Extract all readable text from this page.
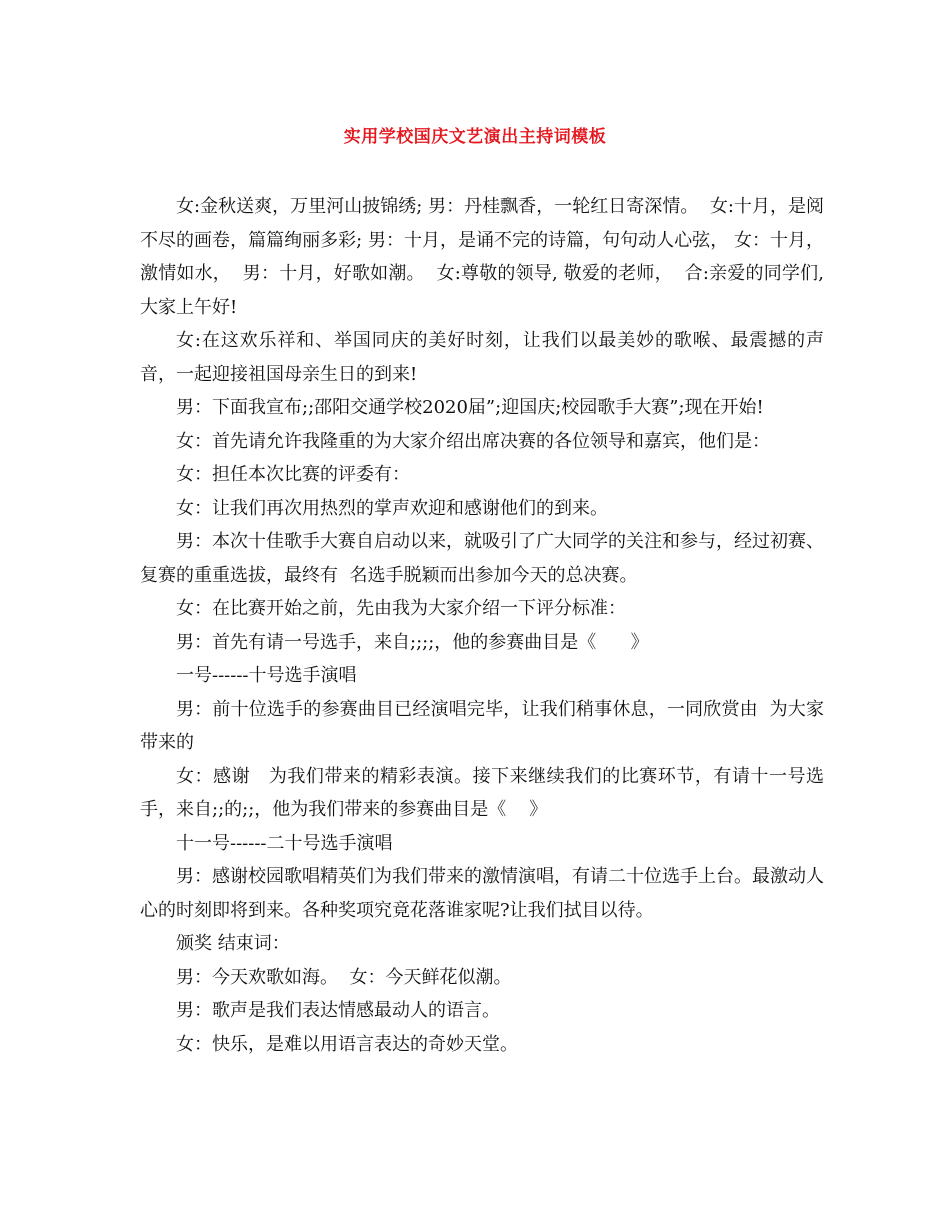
实用学校国庆文艺演出主持词模板

女:金秋送爽，万里河山披锦绣; 男：丹桂飘香，一轮红日寄深情。  女:十月，是阅不尽的画卷，篇篇绚丽多彩; 男：十月，是诵不完的诗篇，句句动人心弦， 女：十月，激情如水，  男：十月，好歌如潮。  女:尊敬的领导, 敬爱的老师，  合:亲爱的同学们,大家上午好!

女:在这欢乐祥和、举国同庆的美好时刻，让我们以最美妙的歌喉、最震撼的声音，一起迎接祖国母亲生日的到来!

男：下面我宣布;;邵阳交通学校2020届”;迎国庆;校园歌手大赛”;现在开始!

女：首先请允许我隆重的为大家介绍出席决赛的各位领导和嘉宾，他们是：

女：担任本次比赛的评委有：

女：让我们再次用热烈的掌声欢迎和感谢他们的到来。

男：本次十佳歌手大赛自启动以来，就吸引了广大同学的关注和参与，经过初赛、复赛的重重选拔，最终有  名选手脱颖而出参加今天的总决赛。

女：在比赛开始之前，先由我为大家介绍一下评分标准：

男：首先有请一号选手，来自;;;;，他的参赛曲目是《      》

一号------十号选手演唱

男：前十位选手的参赛曲目已经演唱完毕，让我们稍事休息，一同欣赏由  为大家带来的

女：感谢   为我们带来的精彩表演。接下来继续我们的比赛环节，有请十一号选手，来自;;的;;，他为我们带来的参赛曲目是《    》

十一号------二十号选手演唱

男：感谢校园歌唱精英们为我们带来的激情演唱，有请二十位选手上台。最激动人心的时刻即将到来。各种奖项究竟花落谁家呢?让我们拭目以待。

颁奖 结束词：

男：今天欢歌如海。  女：今天鲜花似潮。

男：歌声是我们表达情感最动人的语言。

女：快乐，是难以用语言表达的奇妙天堂。
